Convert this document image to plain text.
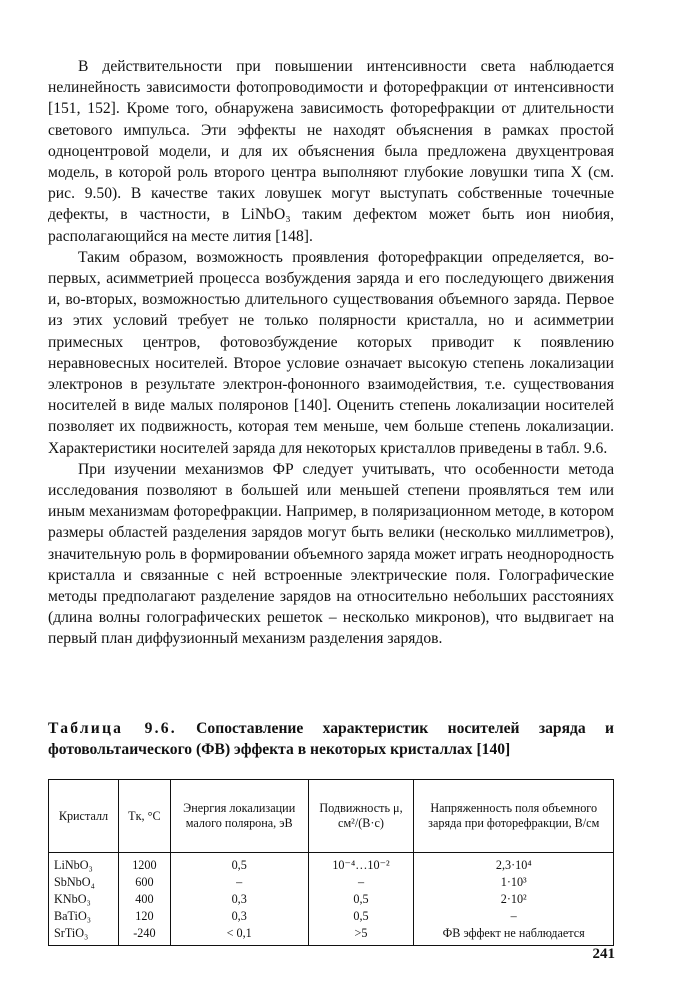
В действительности при повышении интенсивности света наблюдается нелинейность зависимости фотопроводимости и фоторефракции от интенсивности [151, 152]. Кроме того, обнаружена зависимость фоторефракции от длительности светового импульса. Эти эффекты не находят объяснения в рамках простой одноцентровой модели, и для их объяснения была предложена двухцентровая модель, в которой роль второго центра выполняют глубокие ловушки типа X (см. рис. 9.50). В качестве таких ловушек могут выступать собственные точечные дефекты, в частности, в LiNbO₃ таким дефектом может быть ион ниобия, располагающийся на месте лития [148].

Таким образом, возможность проявления фоторефракции определяется, во-первых, асимметрией процесса возбуждения заряда и его последующего движения и, во-вторых, возможностью длительного существования объемного заряда. Первое из этих условий требует не только полярности кристалла, но и асимметрии примесных центров, фотовозбуждение которых приводит к появлению неравновесных носителей. Второе условие означает высокую степень локализации электронов в результате электрон-фононного взаимодействия, т.е. существования носителей в виде малых поляронов [140]. Оценить степень локализации носителей позволяет их подвижность, которая тем меньше, чем больше степень локализации. Характеристики носителей заряда для некоторых кристаллов приведены в табл. 9.6.

При изучении механизмов ФР следует учитывать, что особенности метода исследования позволяют в большей или меньшей степени проявляться тем или иным механизмам фоторефракции. Например, в поляризационном методе, в котором размеры областей разделения зарядов могут быть велики (несколько миллиметров), значительную роль в формировании объемного заряда может играть неоднородность кристалла и связанные с ней встроенные электрические поля. Голографические методы предполагают разделение зарядов на относительно небольших расстояниях (длина волны голографических решеток – несколько микронов), что выдвигает на первый план диффузионный механизм разделения зарядов.

Таблица 9.6. Сопоставление характеристик носителей заряда и фотовольтаического (ФВ) эффекта в некоторых кристаллах [140]
Кристалл	Tк, °C	Энергия локализации малого полярона, эВ	Подвижность μ, см²/(В·с)	Напряженность поля объемного заряда при фоторефракции, В/см
LiNbO₃	1200	0,5	10⁻⁴…10⁻²	2,3·10⁴
SbNbO₄	600	–	–	1·10³
KNbO₃	400	0,3	0,5	2·10²
BaTiO₃	120	0,3	0,5	–
SrTiO₃	-240	< 0,1	>5	ФВ эффект не наблюдается
241
